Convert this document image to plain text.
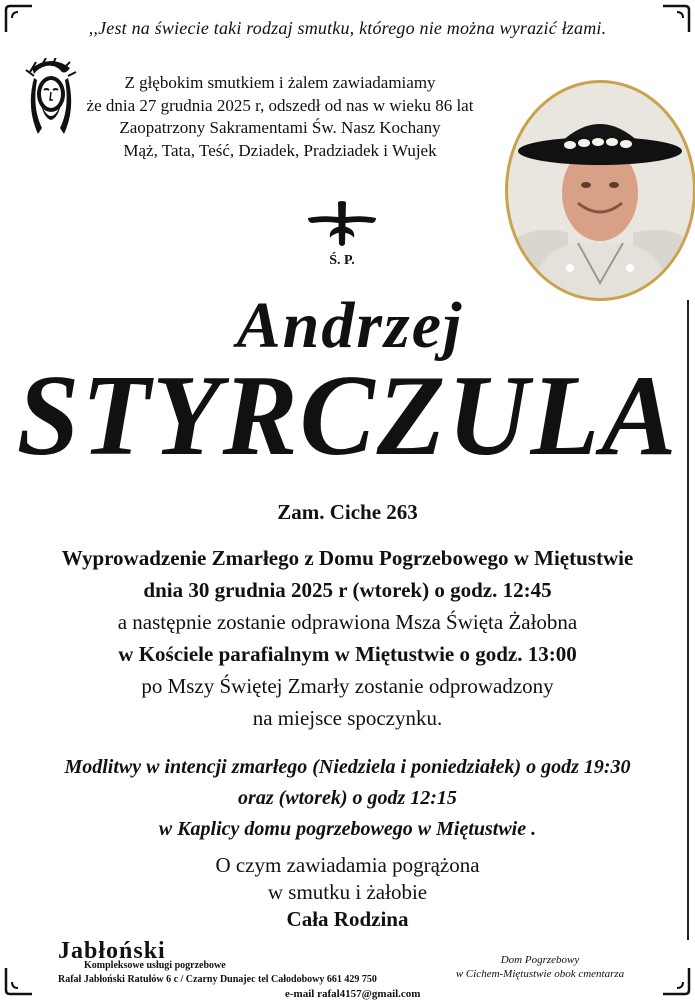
,,Jest na świecie taki rodzaj smutku, którego nie można wyrazić łzami.
Z głębokim smutkiem i żalem zawiadamiamy
że dnia 27 grudnia 2025 r, odszedł od nas w wieku 86 lat
Zaopatrzony Sakramentami Św. Nasz Kochany
Mąż, Tata, Teść, Dziadek, Pradziadek i Wujek
Ś. P.
Andrzej
STYRCZULA
Zam. Ciche 263
Wyprowadzenie Zmarłego z Domu Pogrzebowego w Miętustwie
dnia 30 grudnia 2025 r (wtorek) o godz. 12:45
a następnie zostanie odprawiona Msza Święta Żałobna
w Kościele parafialnym w Miętustwie o godz. 13:00
po Mszy Świętej Zmarły zostanie odprowadzony
na miejsce spoczynku.
Modlitwy w intencji zmarłego (Niedziela i poniedziałek) o godz 19:30
oraz (wtorek) o godz 12:15
w Kaplicy domu pogrzebowego w Miętustwie .
O czym zawiadamia pogrążona
w smutku i żałobie
Cała Rodzina
Jabłoński
Kompleksowe usługi pogrzebowe
Rafał Jabłoński Ratułów 6 c / Czarny Dunajec tel Całodobowy 661 429 750
e-mail rafal4157@gmail.com
Dom Pogrzebowy
w Cichem-Miętustwie obok cmentarza
